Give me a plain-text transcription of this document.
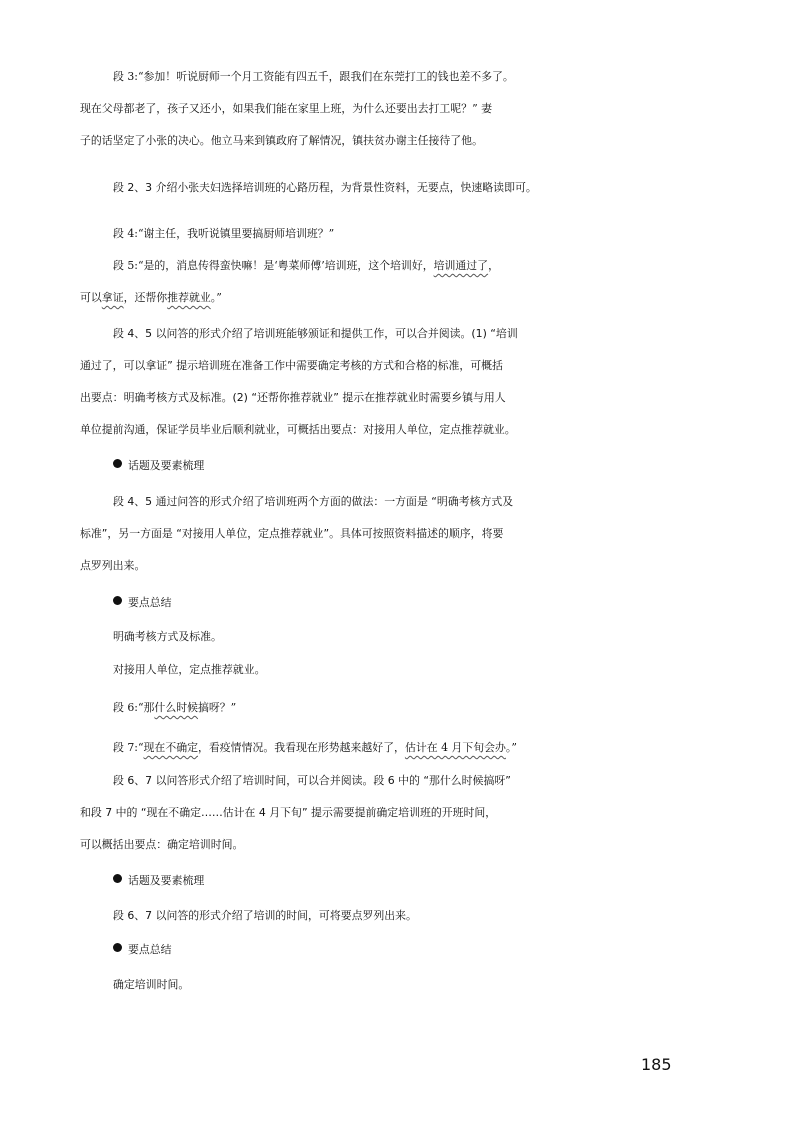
段 3:“参加！听说厨师一个月工资能有四五千，跟我们在东莞打工的钱也差不多了。

现在父母都老了，孩子又还小，如果我们能在家里上班，为什么还要出去打工呢？” 妻

子的话坚定了小张的决心。他立马来到镇政府了解情况，镇扶贫办谢主任接待了他。

段 2、3 介绍小张夫妇选择培训班的心路历程，为背景性资料，无要点，快速略读即可。

段 4:“谢主任，我听说镇里要搞厨师培训班？”

段 5:“是的，消息传得蛮快嘛！是‘粤菜师傅’培训班，这个培训好，培训通过了，

可以拿证，还帮你推荐就业。”

段 4、5 以问答的形式介绍了培训班能够颁证和提供工作，可以合并阅读。(1) “培训

通过了，可以拿证” 提示培训班在准备工作中需要确定考核的方式和合格的标准，可概括

出要点：明确考核方式及标准。(2) “还帮你推荐就业” 提示在推荐就业时需要乡镇与用人

单位提前沟通，保证学员毕业后顺利就业，可概括出要点：对接用人单位，定点推荐就业。

话题及要素梳理

段 4、5 通过问答的形式介绍了培训班两个方面的做法：一方面是 “明确考核方式及

标准”，另一方面是 “对接用人单位，定点推荐就业”。具体可按照资料描述的顺序，将要

点罗列出来。

要点总结

明确考核方式及标准。

对接用人单位，定点推荐就业。

段 6:“那什么时候搞呀？”

段 7:“现在不确定，看疫情情况。我看现在形势越来越好了，估计在 4 月下旬会办。”

段 6、7 以问答形式介绍了培训时间，可以合并阅读。段 6 中的 “那什么时候搞呀”

和段 7 中的 “现在不确定……估计在 4 月下旬” 提示需要提前确定培训班的开班时间，

可以概括出要点：确定培训时间。

话题及要素梳理

段 6、7 以问答的形式介绍了培训的时间，可将要点罗列出来。

要点总结

确定培训时间。

185
